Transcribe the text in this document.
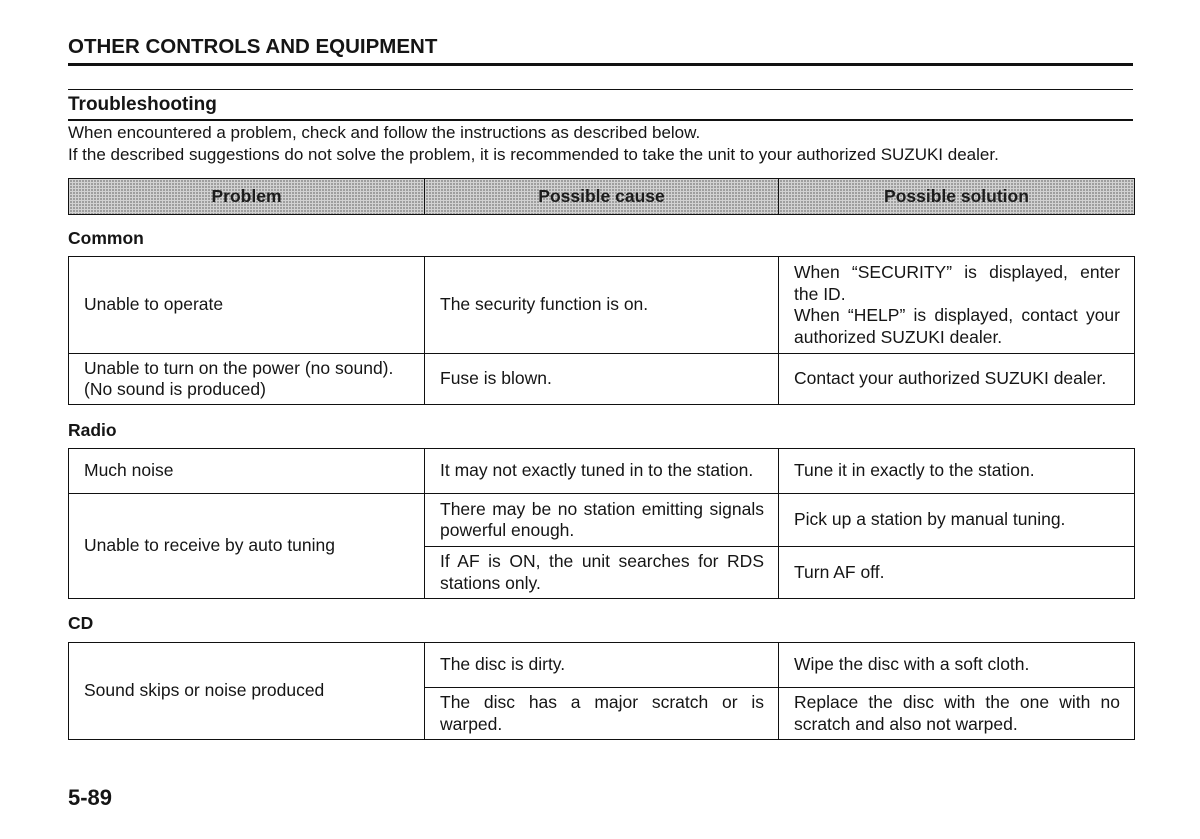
OTHER CONTROLS AND EQUIPMENT
Troubleshooting
When encountered a problem, check and follow the instructions as described below.
If the described suggestions do not solve the problem, it is recommended to take the unit to your authorized SUZUKI dealer.
Problem	Possible cause	Possible solution
Common
Unable to operate	The security function is on.	When “SECURITY” is displayed, enter
the ID.
When “HELP” is displayed, contact your
authorized SUZUKI dealer.

Unable to turn on the power (no sound).
(No sound is produced)	Fuse is blown.	Contact your authorized SUZUKI dealer.
Radio
Much noise	It may not exactly tuned in to the station.	Tune it in exactly to the station.

Unable to receive by auto tuning	There may be no station emitting signals
powerful enough.	Pick up a station by manual tuning.

	If AF is ON, the unit searches for RDS
stations only.	Turn AF off.
CD
Sound skips or noise produced	The disc is dirty.	Wipe the disc with a soft cloth.

	The disc has a major scratch or is
warped.	Replace the disc with the one with no
scratch and also not warped.
5-89
